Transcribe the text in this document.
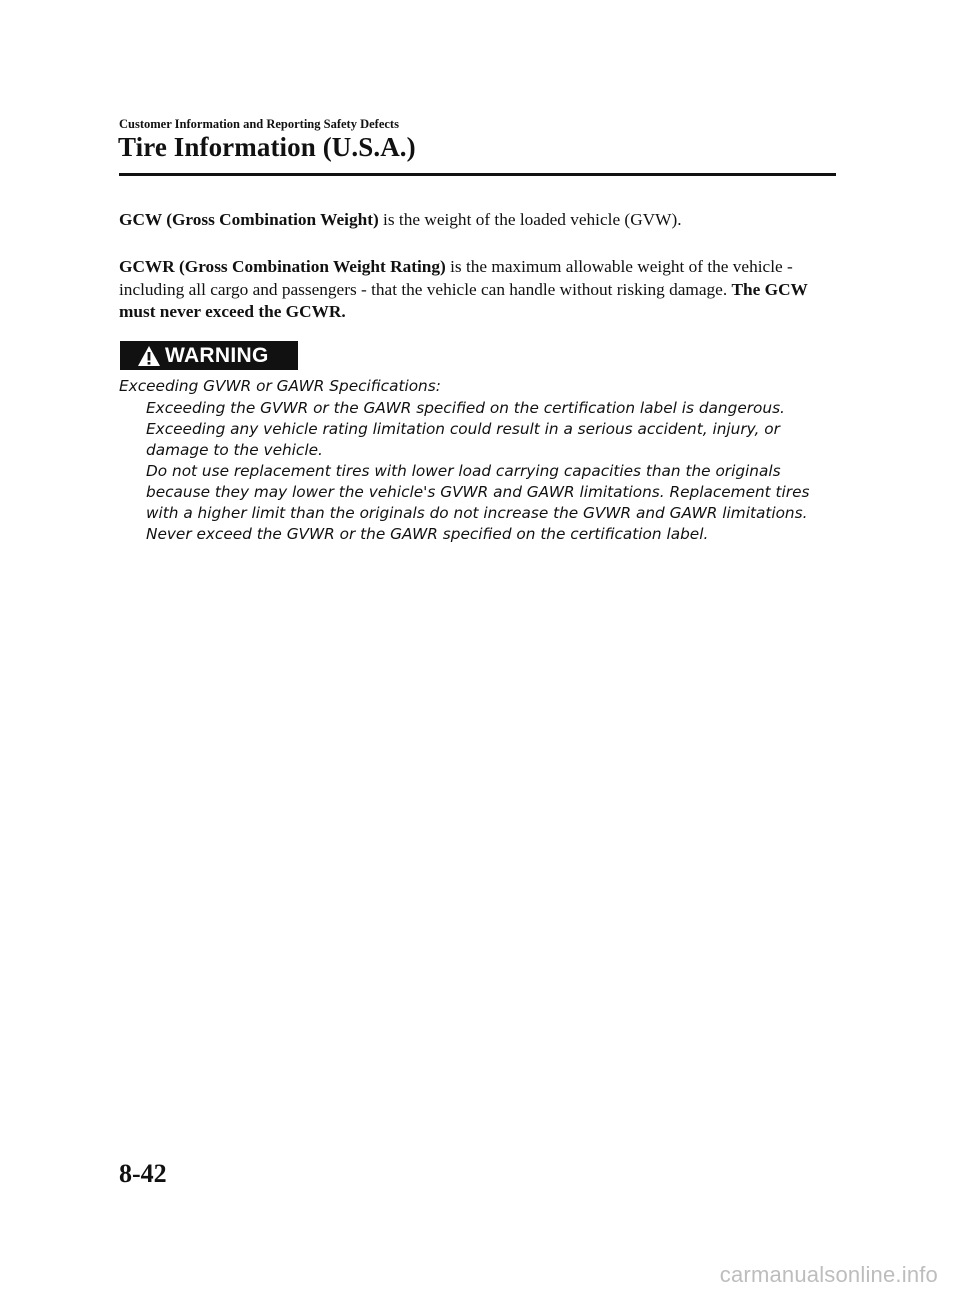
Customer Information and Reporting Safety Defects
Tire Information (U.S.A.)

GCW (Gross Combination Weight) is the weight of the loaded vehicle (GVW).

GCWR (Gross Combination Weight Rating) is the maximum allowable weight of the vehicle - including all cargo and passengers - that the vehicle can handle without risking damage. The GCW must never exceed the GCWR.

WARNING

Exceeding GVWR or GAWR Specifications:

Exceeding the GVWR or the GAWR specified on the certification label is dangerous. Exceeding any vehicle rating limitation could result in a serious accident, injury, or damage to the vehicle.

Do not use replacement tires with lower load carrying capacities than the originals because they may lower the vehicle's GVWR and GAWR limitations. Replacement tires with a higher limit than the originals do not increase the GVWR and GAWR limitations.

Never exceed the GVWR or the GAWR specified on the certification label.

8-42
carmanualsonline.info
